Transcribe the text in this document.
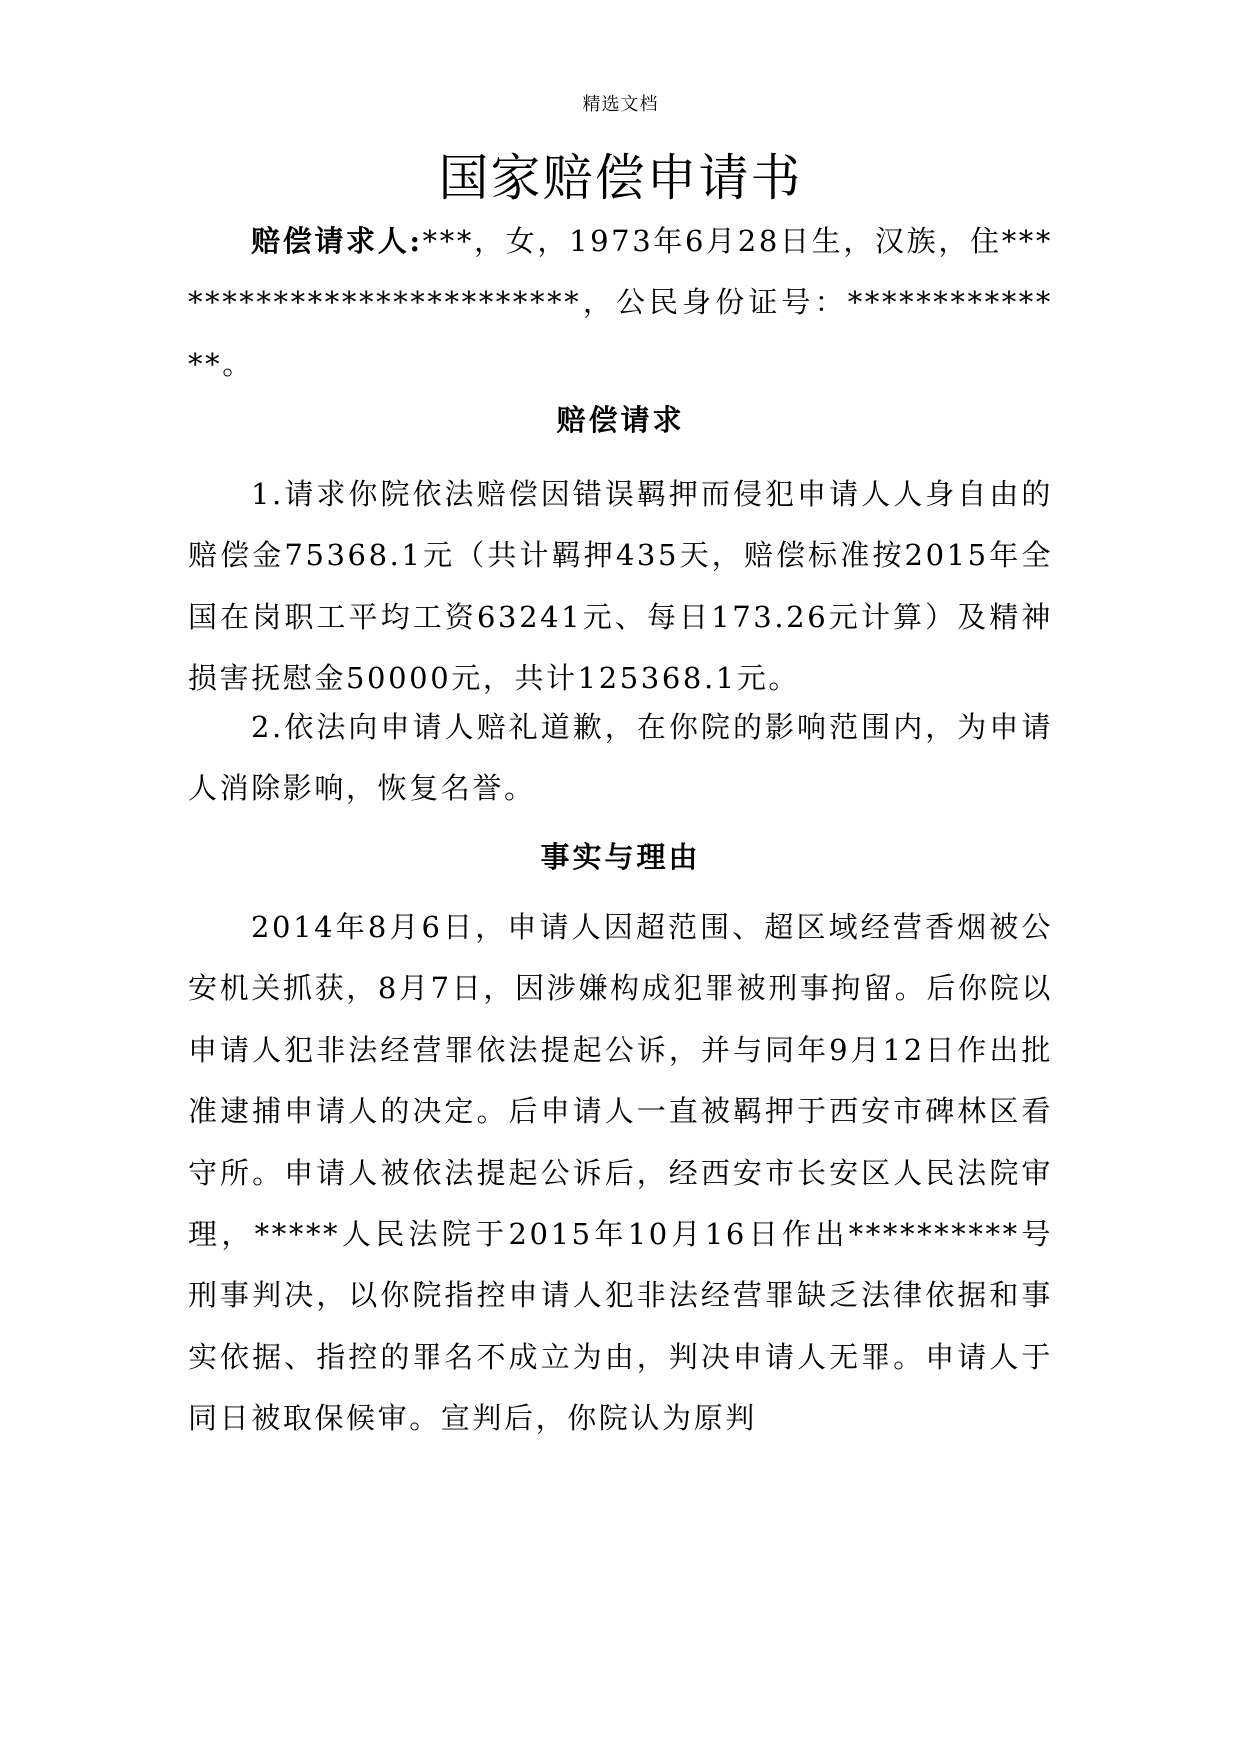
精选文档
国家赔偿申请书

赔偿请求人:***，女，1973年6月28日生，汉族，住**************************，公民身份证号：**************。

赔偿请求

1.请求你院依法赔偿因错误羁押而侵犯申请人人身自由的赔偿金75368.1元（共计羁押435天，赔偿标准按2015年全国在岗职工平均工资63241元、每日173.26元计算）及精神损害抚慰金50000元，共计125368.1元。

2.依法向申请人赔礼道歉，在你院的影响范围内，为申请人消除影响，恢复名誉。

事实与理由

2014年8月6日，申请人因超范围、超区域经营香烟被公安机关抓获，8月7日，因涉嫌构成犯罪被刑事拘留。后你院以申请人犯非法经营罪依法提起公诉，并与同年9月12日作出批准逮捕申请人的决定。后申请人一直被羁押于西安市碑林区看守所。申请人被依法提起公诉后，经西安市长安区人民法院审理，*****人民法院于2015年10月16日作出**********号刑事判决，以你院指控申请人犯非法经营罪缺乏法律依据和事实依据、指控的罪名不成立为由，判决申请人无罪。申请人于同日被取保候审。宣判后，你院认为原判
